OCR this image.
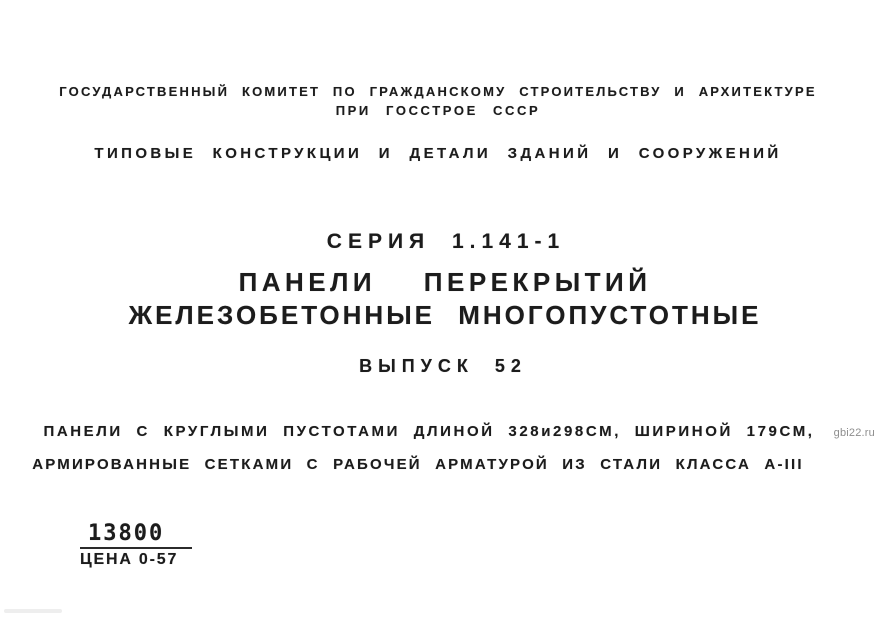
ГОСУДАРСТВЕННЫЙ КОМИТЕТ ПО ГРАЖДАНСКОМУ СТРОИТЕЛЬСТВУ И АРХИТЕКТУРЕ
ПРИ ГОССТРОЕ СССР
ТИПОВЫЕ КОНСТРУКЦИИ И ДЕТАЛИ ЗДАНИЙ И СООРУЖЕНИЙ
СЕРИЯ 1.141-1
ПАНЕЛИ ПЕРЕКРЫТИЙ
ЖЕЛЕЗОБЕТОННЫЕ МНОГОПУСТОТНЫЕ
ВЫПУСК 52
ПАНЕЛИ С КРУГЛЫМИ ПУСТОТАМИ ДЛИНОЙ 328и298СМ, ШИРИНОЙ 179СМ,
АРМИРОВАННЫЕ СЕТКАМИ С РАБОЧЕЙ АРМАТУРОЙ ИЗ СТАЛИ КЛАССА А-III
13800
ЦЕНА 0-57
gbi22.ru
